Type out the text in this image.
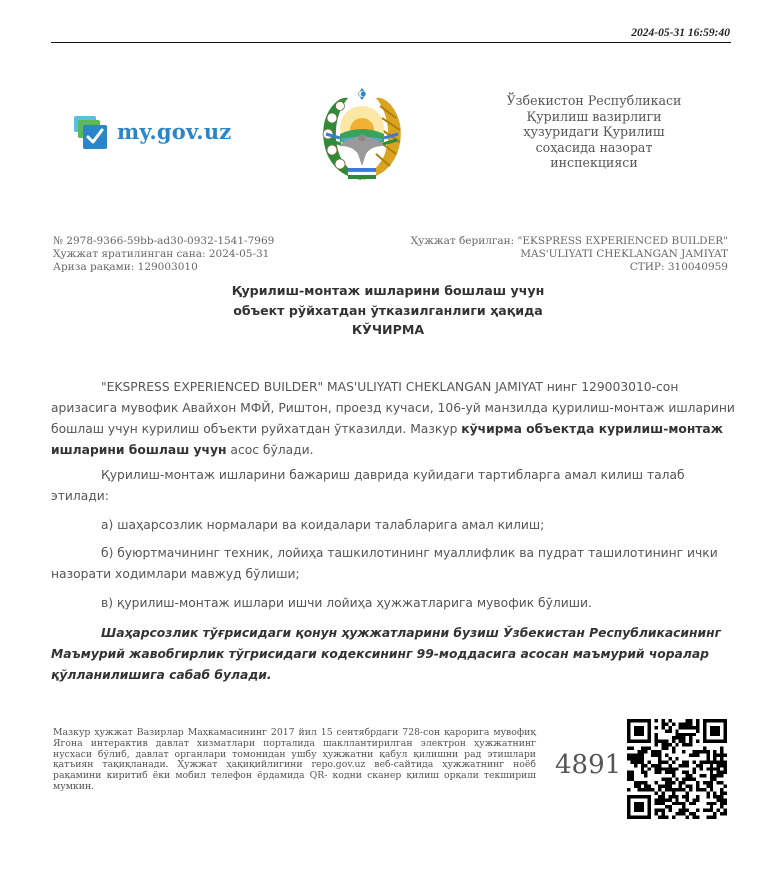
2024-05-31 16:59:40
my.gov.uz
Ўзбекистон Республикаси
Қурилиш вазирлиги
ҳузуридаги Қурилиш
соҳасида назорат
инспекцияси
№ 2978-9366-59bb-ad30-0932-1541-7969
Ҳужжат яратилинган сана: 2024-05-31
Ариза рақами: 129003010
Ҳужжат берилган: "EKSPRESS EXPERIENCED BUILDER"
MAS'ULIYATI CHEKLANGAN JAMIYAT
СТИР: 310040959
Қурилиш-монтаж ишларини бошлаш учун
объект рўйхатдан ўтказилганлиги ҳақида
КЎЧИРМА
"EKSPRESS EXPERIENCED BUILDER" MAS'ULIYATI CHEKLANGAN JAMIYAT нинг 129003010-сон аризасига мувофик Авайхон МФЙ, Риштон, проезд кучаси, 106-уй манзилда қурилиш-монтаж ишларини бошлаш учун курилиш объекти руйхатдан ўтказилди. Мазкур кўчирма объектда курилиш-монтаж ишларини бошлаш учун асос бўлади.
Қурилиш-монтаж ишларини бажариш даврида куйидаги тартибларга амал килиш талаб этилади:
а) шаҳарсозлик нормалари ва коидалари талабларига амал килиш;
б) буюртмачининг техник, лойиҳа ташкилотининг муаллифлик ва пудрат ташилотининг ички назорати ходимлари мавжуд бўлиши;
в) қурилиш-монтаж ишлари ишчи лойиҳа ҳужжатларига мувофик бўлиши.
Шаҳарсозлик тўғрисидаги қонун ҳужжатларини бузиш Ўзбекистан Республикасининг Маъмурий жавобгирлик тўгрисидаги кодексининг 99-моддасига асосан маъмурий чоралар қўлланилишига сабаб булади.
Мазкур ҳужжат Вазирлар Маҳкамасининг 2017 йил 15 сентябрдаги 728-сон қарорига мувофиқ Ягона интерактив давлат хизматлари порталида шакллантирилган электрон ҳужжатнинг нусхаси бўлиб, давлат органлари томонидан ушбу ҳужжатни қабул қилишни рад этишлари қатъиян тақиқланади. Ҳужжат ҳақиқийлигини repo.gov.uz веб-сайтида ҳужжатнинг ноёб рақамини киритиб ёки мобил телефон ёрдамида QR- кодни сканер қилиш орқали текшириш мумкин.
4891
